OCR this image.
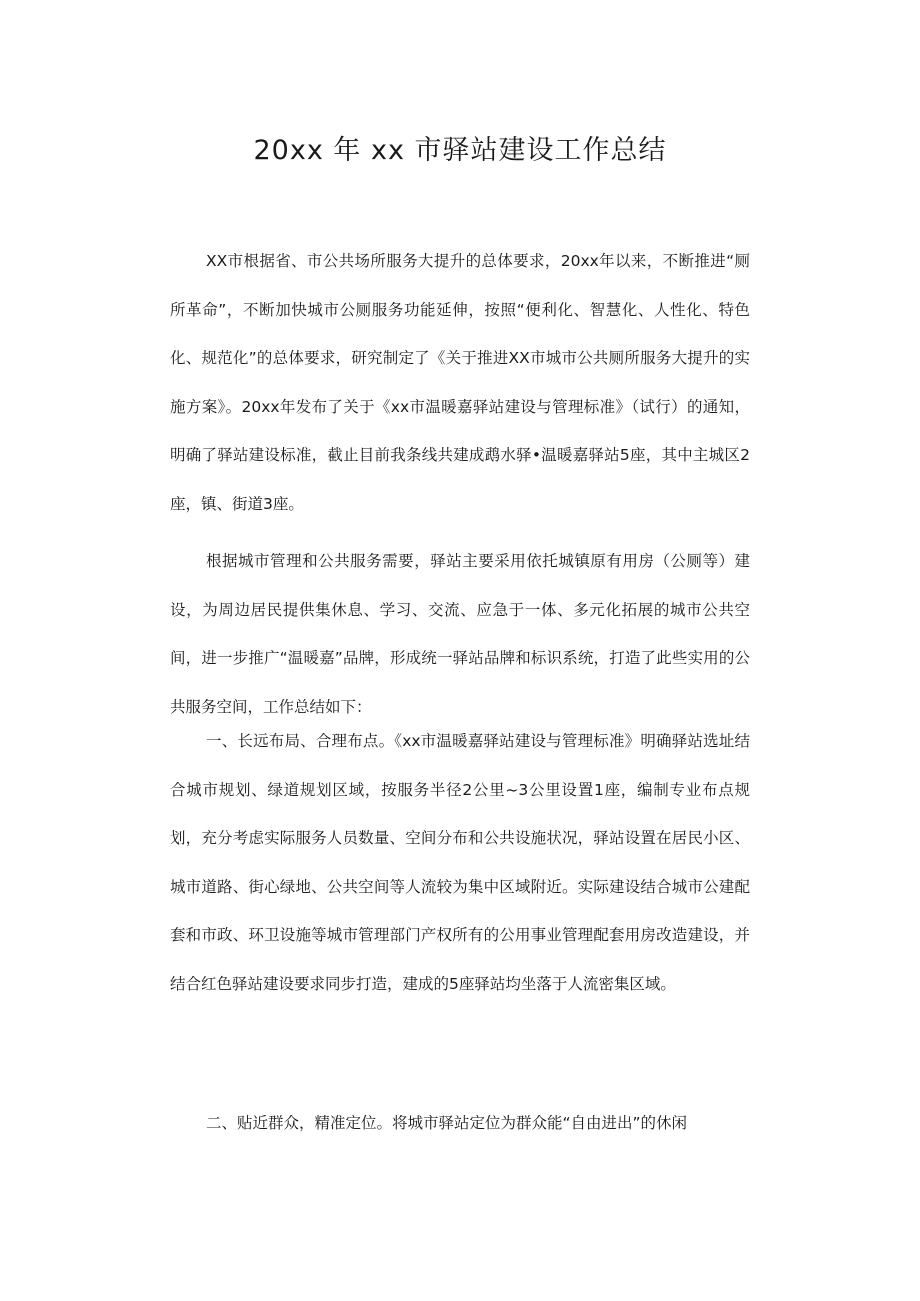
20xx 年 xx 市驿站建设工作总结

XX市根据省、市公共场所服务大提升的总体要求，20xx年以来，不断推进“厕所革命”，不断加快城市公厕服务功能延伸，按照“便利化、智慧化、人性化、特色化、规范化”的总体要求，研究制定了《关于推进XX市城市公共厕所服务大提升的实施方案》。20xx年发布了关于《xx市温暖嘉驿站建设与管理标准》（试行）的通知，明确了驿站建设标准，截止目前我条线共建成鹉水驿•温暖嘉驿站5座，其中主城区2座，镇、街道3座。

根据城市管理和公共服务需要，驿站主要采用依托城镇原有用房（公厕等）建设，为周边居民提供集休息、学习、交流、应急于一体、多元化拓展的城市公共空间，进一步推广“温暖嘉”品牌，形成统一驿站品牌和标识系统，打造了此些实用的公共服务空间，工作总结如下：

一、长远布局、合理布点。《xx市温暖嘉驿站建设与管理标准》明确驿站选址结合城市规划、绿道规划区域，按服务半径2公里~3公里设置1座，编制专业布点规划，充分考虑实际服务人员数量、空间分布和公共设施状况，驿站设置在居民小区、城市道路、街心绿地、公共空间等人流较为集中区域附近。实际建设结合城市公建配套和市政、环卫设施等城市管理部门产权所有的公用事业管理配套用房改造建设，并结合红色驿站建设要求同步打造，建成的5座驿站均坐落于人流密集区域。

二、贴近群众，精准定位。将城市驿站定位为群众能“自由进出”的休闲
